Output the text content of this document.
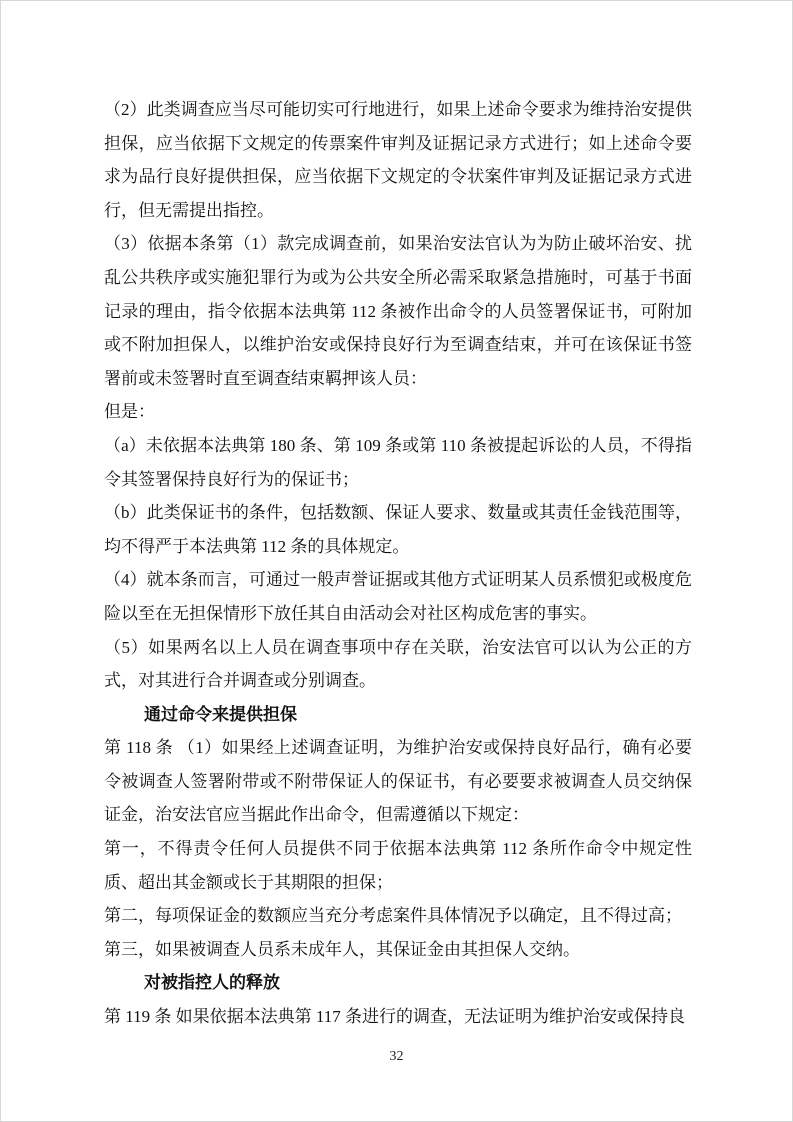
（2）此类调查应当尽可能切实可行地进行，如果上述命令要求为维持治安提供担保，应当依据下文规定的传票案件审判及证据记录方式进行；如上述命令要求为品行良好提供担保，应当依据下文规定的令状案件审判及证据记录方式进行，但无需提出指控。

（3）依据本条第（1）款完成调查前，如果治安法官认为为防止破坏治安、扰乱公共秩序或实施犯罪行为或为公共安全所必需采取紧急措施时，可基于书面记录的理由，指令依据本法典第 112 条被作出命令的人员签署保证书，可附加或不附加担保人，以维护治安或保持良好行为至调查结束，并可在该保证书签署前或未签署时直至调查结束羁押该人员：

但是：

（a）未依据本法典第 180 条、第 109 条或第 110 条被提起诉讼的人员，不得指令其签署保持良好行为的保证书；

（b）此类保证书的条件，包括数额、保证人要求、数量或其责任金钱范围等，均不得严于本法典第 112 条的具体规定。

（4）就本条而言，可通过一般声誉证据或其他方式证明某人员系惯犯或极度危险以至在无担保情形下放任其自由活动会对社区构成危害的事实。

（5）如果两名以上人员在调查事项中存在关联，治安法官可以认为公正的方式，对其进行合并调查或分别调查。

通过命令来提供担保

第 118 条 （1）如果经上述调查证明，为维护治安或保持良好品行，确有必要令被调查人签署附带或不附带保证人的保证书，有必要要求被调查人员交纳保证金，治安法官应当据此作出命令，但需遵循以下规定：

第一，不得责令任何人员提供不同于依据本法典第 112 条所作命令中规定性质、超出其金额或长于其期限的担保；

第二，每项保证金的数额应当充分考虑案件具体情况予以确定，且不得过高；

第三，如果被调查人员系未成年人，其保证金由其担保人交纳。

对被指控人的释放

第 119 条 如果依据本法典第 117 条进行的调查，无法证明为维护治安或保持良

32
